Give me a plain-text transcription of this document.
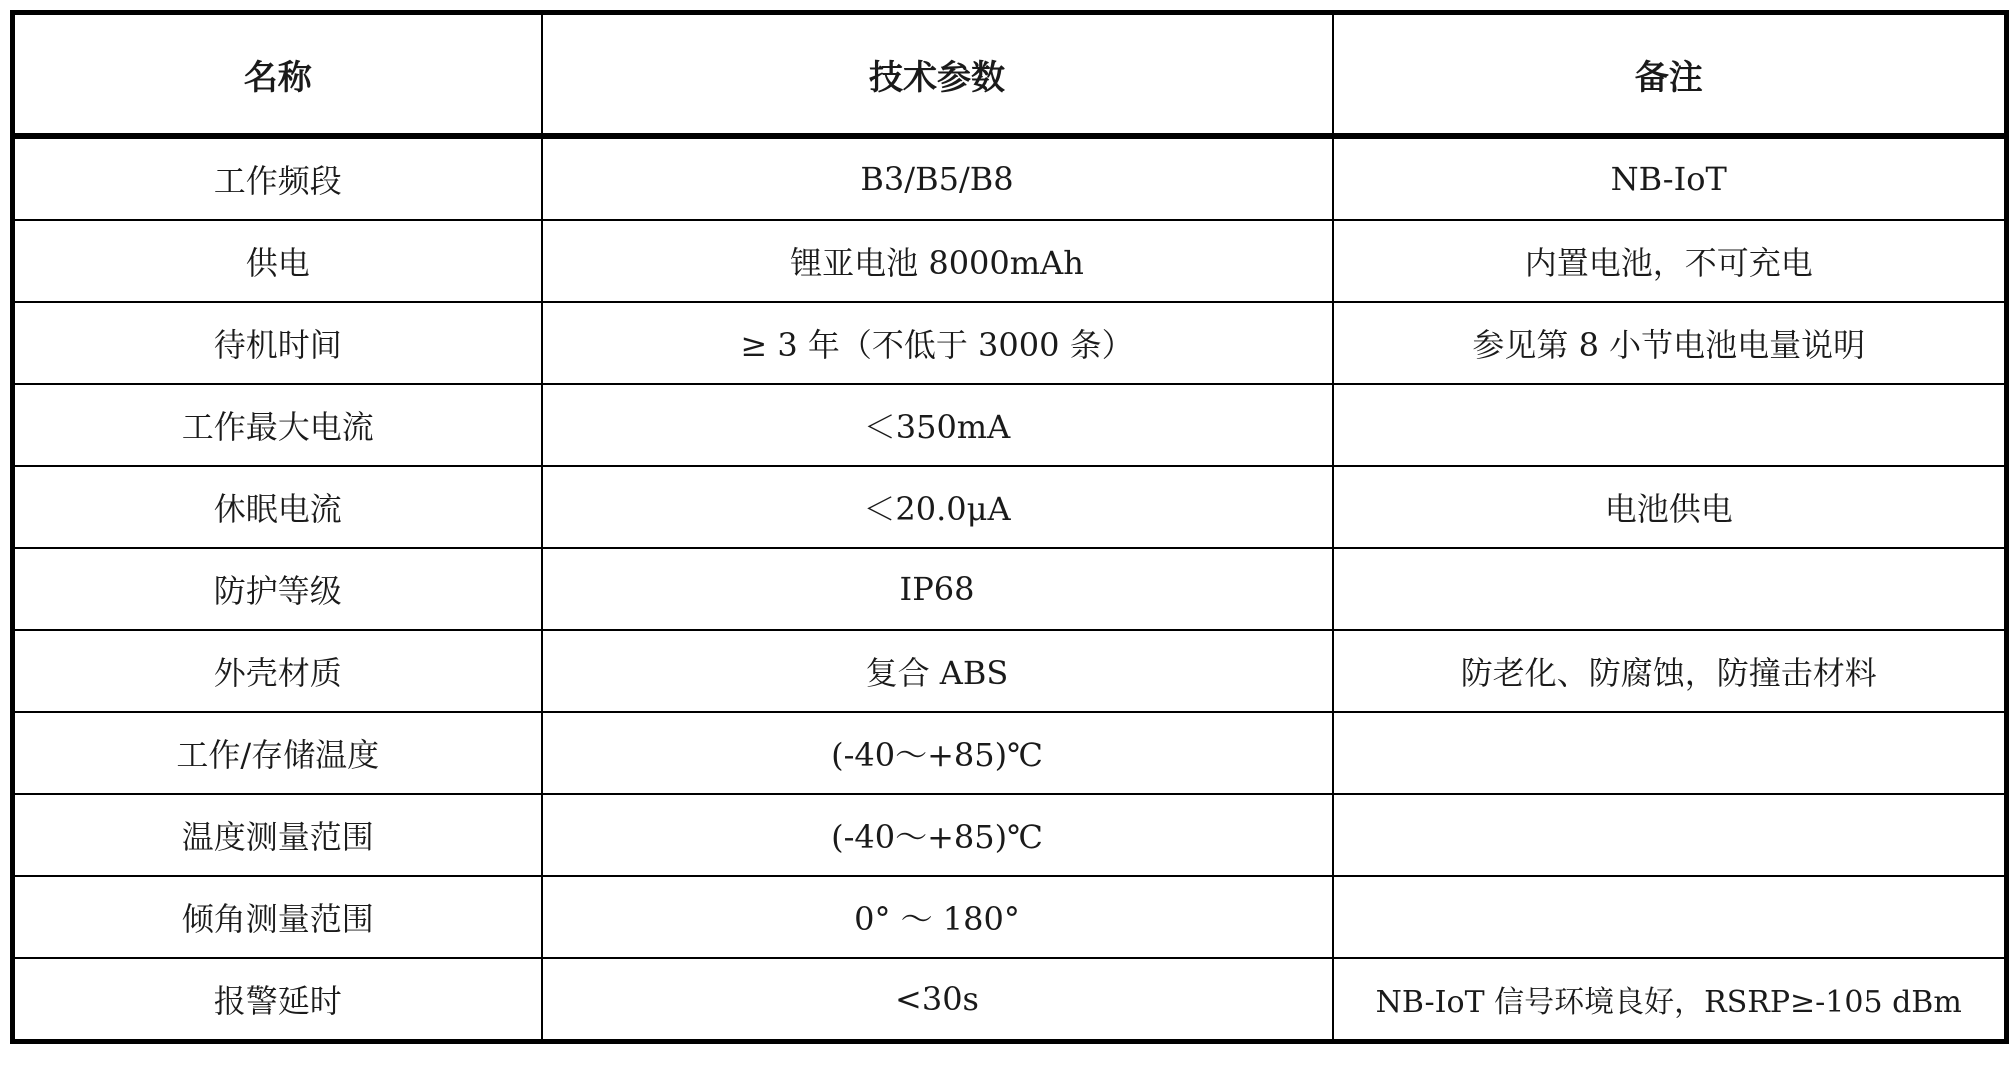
名称	技术参数	备注
工作频段	B3/B5/B8	NB-IoT
供电	锂亚电池 8000mAh	内置电池，不可充电
待机时间	≥ 3 年（不低于 3000 条）	参见第 8 小节电池电量说明
工作最大电流	＜350mA	
休眠电流	＜20.0μA	电池供电
防护等级	IP68	
外壳材质	复合 ABS	防老化、防腐蚀，防撞击材料
工作/存储温度	(-40～+85)℃	
温度测量范围	(-40～+85)℃	
倾角测量范围	0° ～ 180°	
报警延时	<30s	NB-IoT 信号环境良好，RSRP≥-105 dBm
